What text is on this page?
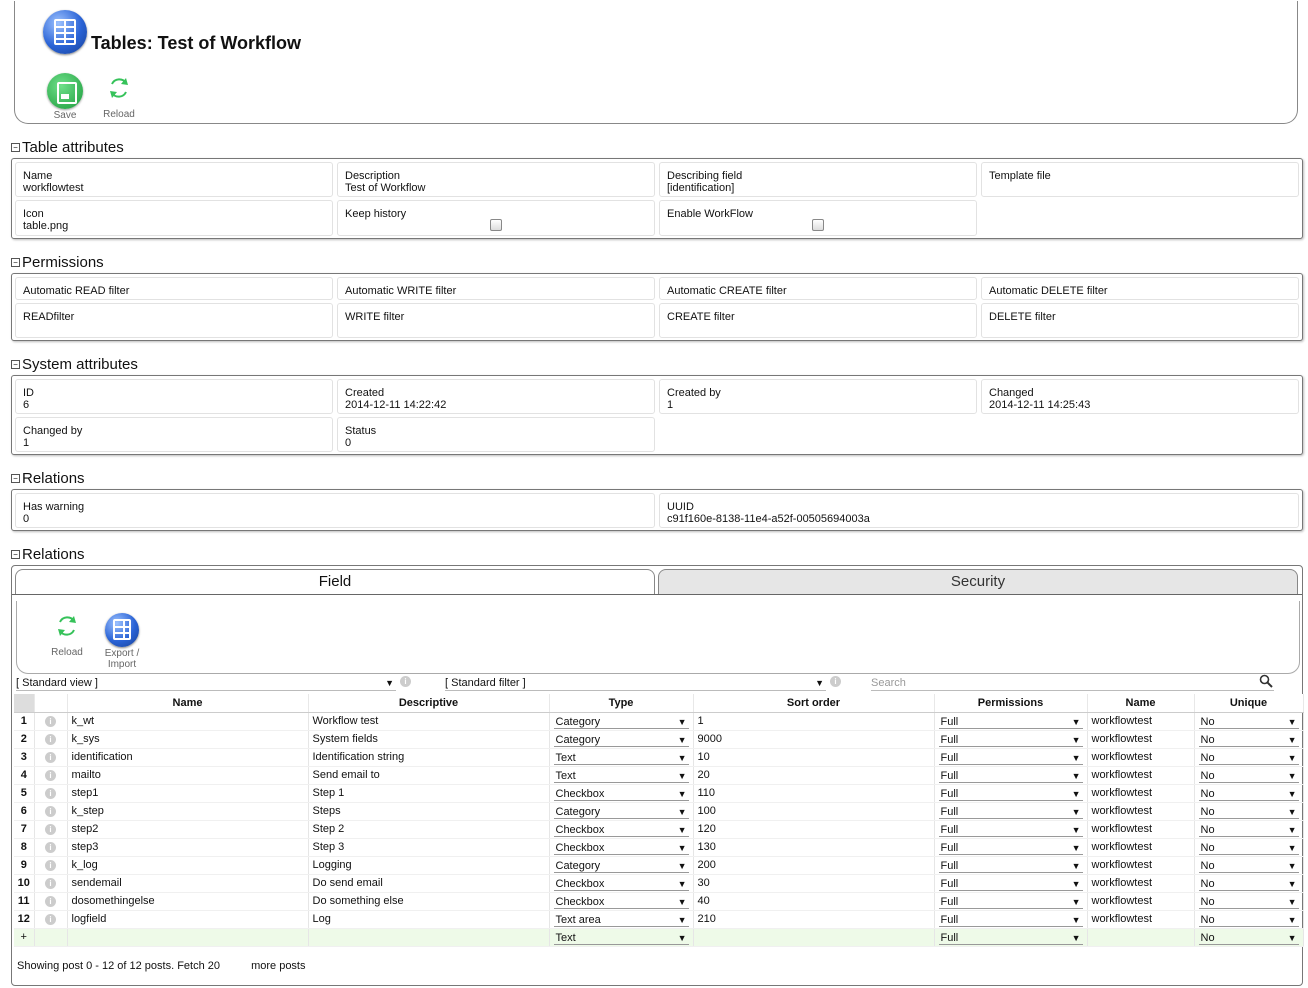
Tables: Test of Workflow
Save	Reload
− Table attributes
Name
workflowtest
Description
Test of Workflow
Describing field
[identification]
Template file
Icon
table.png
Keep history	Enable WorkFlow
− Permissions
Automatic READ filter	Automatic WRITE filter	Automatic CREATE filter	Automatic DELETE filter
READfilter	WRITE filter	CREATE filter	DELETE filter
− System attributes
ID
6
Created
2014-12-11 14:22:42
Created by
1
Changed
2014-12-11 14:25:43
Changed by
1
Status
0
− Relations
Has warning
0
UUID
c91f160e-8138-11e4-a52f-00505694003a
− Relations
Field	Security
Reload	Export /
Import
[ Standard view ]	▼	i	[ Standard filter ]	▼	i	Search
		Name	Descriptive	Type	Sort order	Permissions	Name	Unique
1	i	k_wt	Workflow test	Category ▼	1	Full ▼	workflowtest	No ▼

2	i	k_sys	System fields	Category ▼	9000	Full ▼	workflowtest	No ▼

3	i	identification	Identification string	Text ▼	10	Full ▼	workflowtest	No ▼

4	i	mailto	Send email to	Text ▼	20	Full ▼	workflowtest	No ▼

5	i	step1	Step 1	Checkbox ▼	110	Full ▼	workflowtest	No ▼

6	i	k_step	Steps	Category ▼	100	Full ▼	workflowtest	No ▼

7	i	step2	Step 2	Checkbox ▼	120	Full ▼	workflowtest	No ▼

8	i	step3	Step 3	Checkbox ▼	130	Full ▼	workflowtest	No ▼

9	i	k_log	Logging	Category ▼	200	Full ▼	workflowtest	No ▼

10	i	sendemail	Do send email	Checkbox ▼	30	Full ▼	workflowtest	No ▼

11	i	dosomethingelse	Do something else	Checkbox ▼	40	Full ▼	workflowtest	No ▼

12	i	logfield	Log	Text area ▼	210	Full ▼	workflowtest	No ▼

+				Text ▼		Full ▼		No ▼
Showing post 0 - 12 of 12 posts. Fetch 20	more posts
